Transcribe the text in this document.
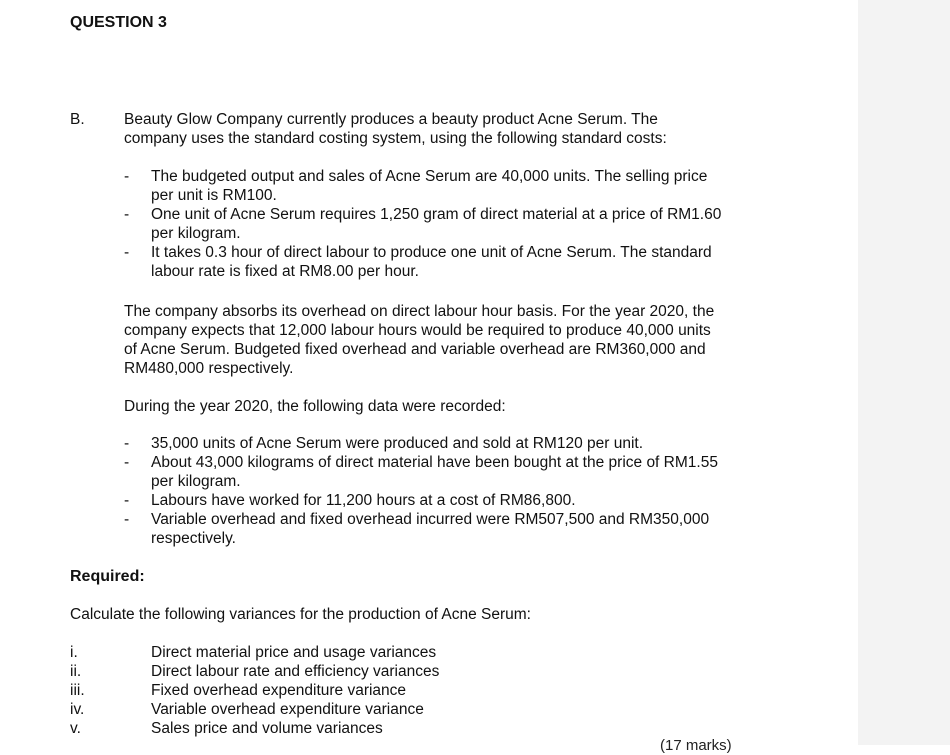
QUESTION 3
B.	Beauty Glow Company currently produces a beauty product Acne Serum. The
company uses the standard costing system, using the following standard costs:
- The budgeted output and sales of Acne Serum are 40,000 units. The selling price
per unit is RM100.
- One unit of Acne Serum requires 1,250 gram of direct material at a price of RM1.60
per kilogram.
- It takes 0.3 hour of direct labour to produce one unit of Acne Serum. The standard
labour rate is fixed at RM8.00 per hour.
The company absorbs its overhead on direct labour hour basis. For the year 2020, the
company expects that 12,000 labour hours would be required to produce 40,000 units
of Acne Serum. Budgeted fixed overhead and variable overhead are RM360,000 and
RM480,000 respectively.
During the year 2020, the following data were recorded:
- 35,000 units of Acne Serum were produced and sold at RM120 per unit.
- About 43,000 kilograms of direct material have been bought at the price of RM1.55
per kilogram.
- Labours have worked for 11,200 hours at a cost of RM86,800.
- Variable overhead and fixed overhead incurred were RM507,500 and RM350,000
respectively.
Required:
Calculate the following variances for the production of Acne Serum:
i.	Direct material price and usage variances
ii.	Direct labour rate and efficiency variances
iii.	Fixed overhead expenditure variance
iv.	Variable overhead expenditure variance
v.	Sales price and volume variances
(17 marks)
